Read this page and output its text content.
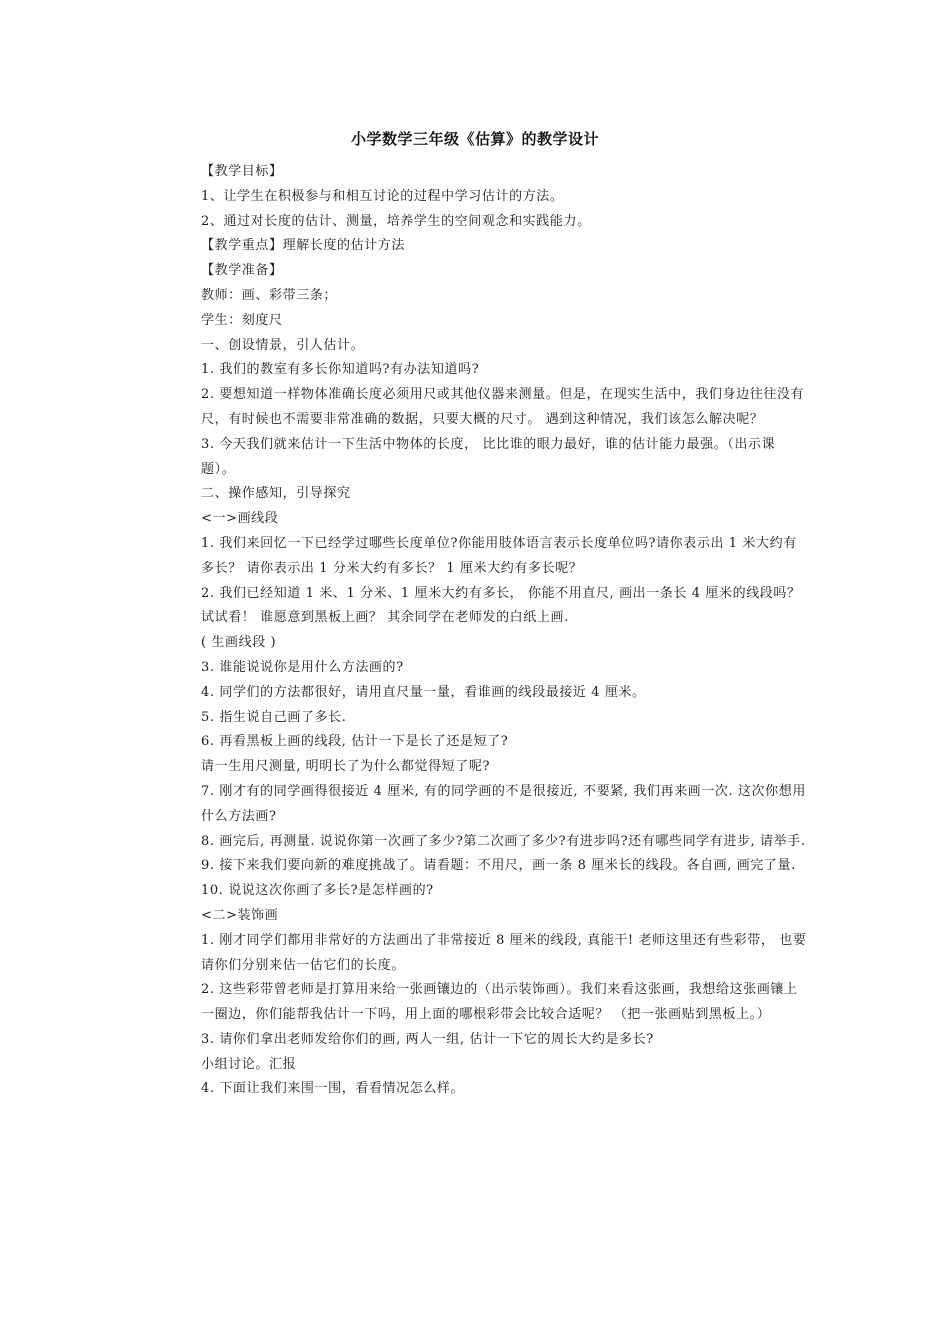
小学数学三年级《估算》的教学设计

【教学目标】

1、让学生在积极参与和相互讨论的过程中学习估计的方法。

2、通过对长度的估计、测量，培养学生的空间观念和实践能力。

【教学重点】理解长度的估计方法

【教学准备】

教师：画、彩带三条；

学生：刻度尺

一、创设情景，引人估计。

1. 我们的教室有多长你知道吗?有办法知道吗?

2. 要想知道一样物体准确长度必须用尺或其他仪器来测量。但是，在现实生活中，我们身边往往没有尺，有时候也不需要非常准确的数据，只要大概的尺寸。 遇到这种情况，我们该怎么解决呢？

3. 今天我们就来估计一下生活中物体的长度， 比比谁的眼力最好，谁的估计能力最强。（出示课题）。

二、操作感知，引导探究

<一>画线段

1. 我们来回忆一下已经学过哪些长度单位?你能用肢体语言表示长度单位吗?请你表示出 1 米大约有多长？ 请你表示出 1 分米大约有多长？ 1 厘米大约有多长呢？

2. 我们已经知道 1 米、1 分米、1 厘米大约有多长， 你能不用直尺, 画出一条长 4 厘米的线段吗？试试看！ 谁愿意到黑板上画？ 其余同学在老师发的白纸上画.

( 生画线段 )

3. 谁能说说你是用什么方法画的?

4. 同学们的方法都很好，请用直尺量一量，看谁画的线段最接近 4 厘米。

5. 指生说自己画了多长.

6. 再看黑板上画的线段, 估计一下是长了还是短了?

请一生用尺测量, 明明长了为什么都觉得短了呢?

7. 刚才有的同学画得很接近 4 厘米, 有的同学画的不是很接近, 不要紧, 我们再来画一次. 这次你想用什么方法画?

8. 画完后, 再测量. 说说你第一次画了多少?第二次画了多少?有进步吗?还有哪些同学有进步, 请举手.

9. 接下来我们要向新的难度挑战了。请看题：不用尺，画一条 8 厘米长的线段。各自画, 画完了量.

10. 说说这次你画了多长?是怎样画的?

<二>装饰画

1. 刚才同学们都用非常好的方法画出了非常接近 8 厘米的线段, 真能干! 老师这里还有些彩带， 也要请你们分别来估一估它们的长度。

2. 这些彩带曾老师是打算用来给一张画镶边的（出示装饰画）。我们来看这张画，我想给这张画镶上一圈边，你们能帮我估计一下吗，用上面的哪根彩带会比较合适呢？ （把一张画贴到黑板上。）

3. 请你们拿出老师发给你们的画, 两人一组, 估计一下它的周长大约是多长?

小组讨论。汇报

4. 下面让我们来围一围，看看情况怎么样。
